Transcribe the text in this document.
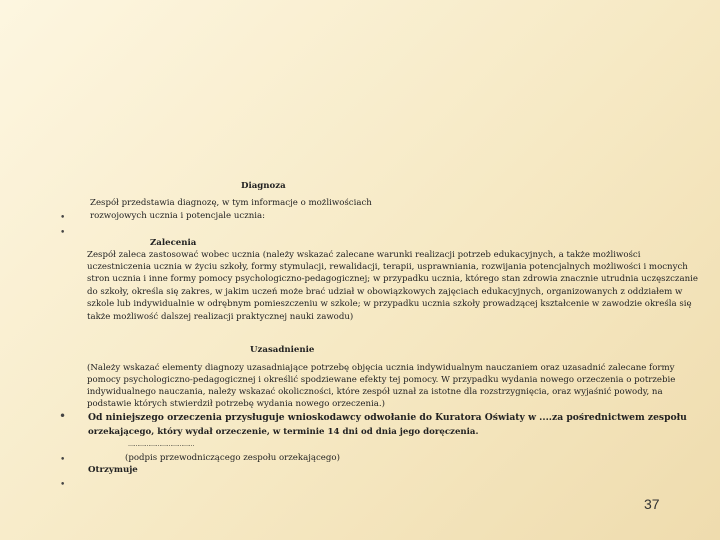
Diagnoza
Zespół przedstawia diagnozę, w tym informacje o możliwościach
rozwojowych ucznia i potencjale ucznia:
•
•
Zalecenia
Zespół zaleca zastosować wobec ucznia (należy wskazać zalecane warunki realizacji potrzeb edukacyjnych, a także możliwości
uczestniczenia ucznia w życiu szkoły, formy stymulacji, rewalidacji, terapii, usprawniania, rozwijania potencjalnych możliwości i mocnych
stron ucznia i inne formy pomocy psychologiczno-pedagogicznej; w przypadku ucznia, którego stan zdrowia znacznie utrudnia uczęszczanie
do szkoły, określa się zakres, w jakim uczeń może brać udział w obowiązkowych zajęciach edukacyjnych, organizowanych z oddziałem w
szkole lub indywidualnie w odrębnym pomieszczeniu w szkole; w przypadku ucznia szkoły prowadzącej kształcenie w zawodzie określa się
także możliwość dalszej realizacji praktycznej nauki zawodu)
Uzasadnienie
(Należy wskazać elementy diagnozy uzasadniające potrzebę objęcia ucznia indywidualnym nauczaniem oraz uzasadnić zalecane formy
pomocy psychologiczno-pedagogicznej i określić spodziewane efekty tej pomocy. W przypadku wydania nowego orzeczenia o potrzebie
indywidualnego nauczania, należy wskazać okoliczności, które zespół uznał za istotne dla rozstrzygnięcia, oraz wyjaśnić powody, na
podstawie których stwierdził potrzebę wydania nowego orzeczenia.)
• Od niniejszego orzeczenia przysługuje wnioskodawcy odwołanie do Kuratora Oświaty w ....za pośrednictwem zespołu
orzekającego, który wydał orzeczenie, w terminie 14 dni od dnia jego doręczenia.
………………………………
•	(podpis przewodniczącego zespołu orzekającego)
Otrzymuje
•
37
